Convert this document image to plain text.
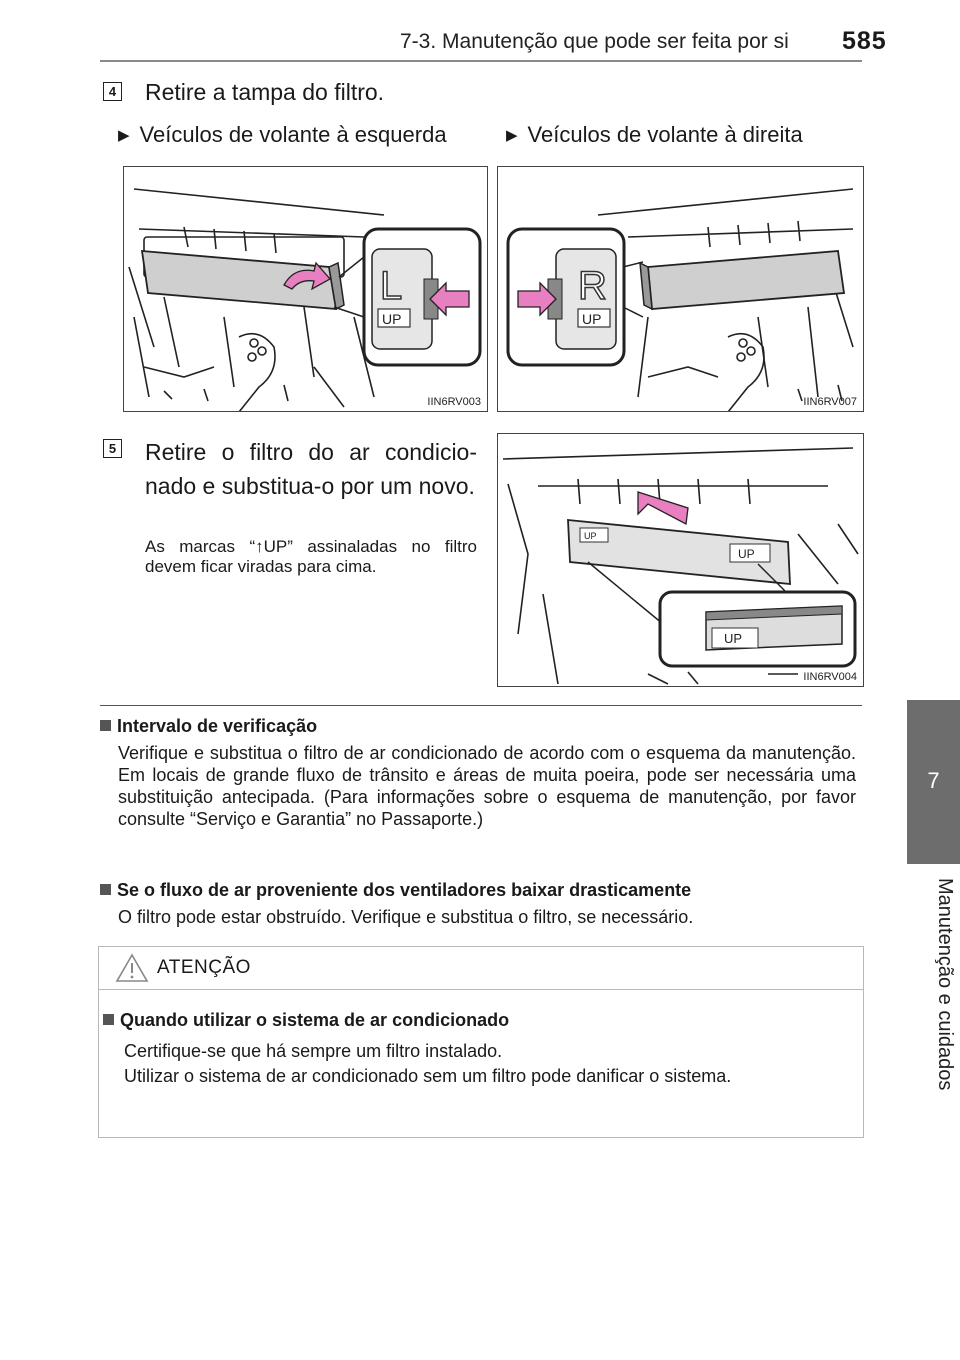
7-3. Manutenção que pode ser feita por si 585
7
Manutenção e cuidados
4 Retire a tampa do filtro.
▶ Veículos de volante à esquerda	▶ Veículos de volante à direita
L
UP
IIN6RV003
R
UP
IIN6RV007
5 Retire o filtro do ar condicio-nado e substitua-o por um novo.
As marcas “↑UP” assinaladas no filtro devem ficar viradas para cima.
UP
UP
UP
IIN6RV004
Intervalo de verificação
Verifique e substitua o filtro de ar condicionado de acordo com o esquema da manutenção. Em locais de grande fluxo de trânsito e áreas de muita poeira, pode ser necessária uma substituição antecipada. (Para informações sobre o esquema de manutenção, por favor consulte “Serviço e Garantia” no Passaporte.)
Se o fluxo de ar proveniente dos ventiladores baixar drasticamente
O filtro pode estar obstruído. Verifique e substitua o filtro, se necessário.
ATENÇÃO
Quando utilizar o sistema de ar condicionado
Certifique-se que há sempre um filtro instalado.
Utilizar o sistema de ar condicionado sem um filtro pode danificar o sistema.
